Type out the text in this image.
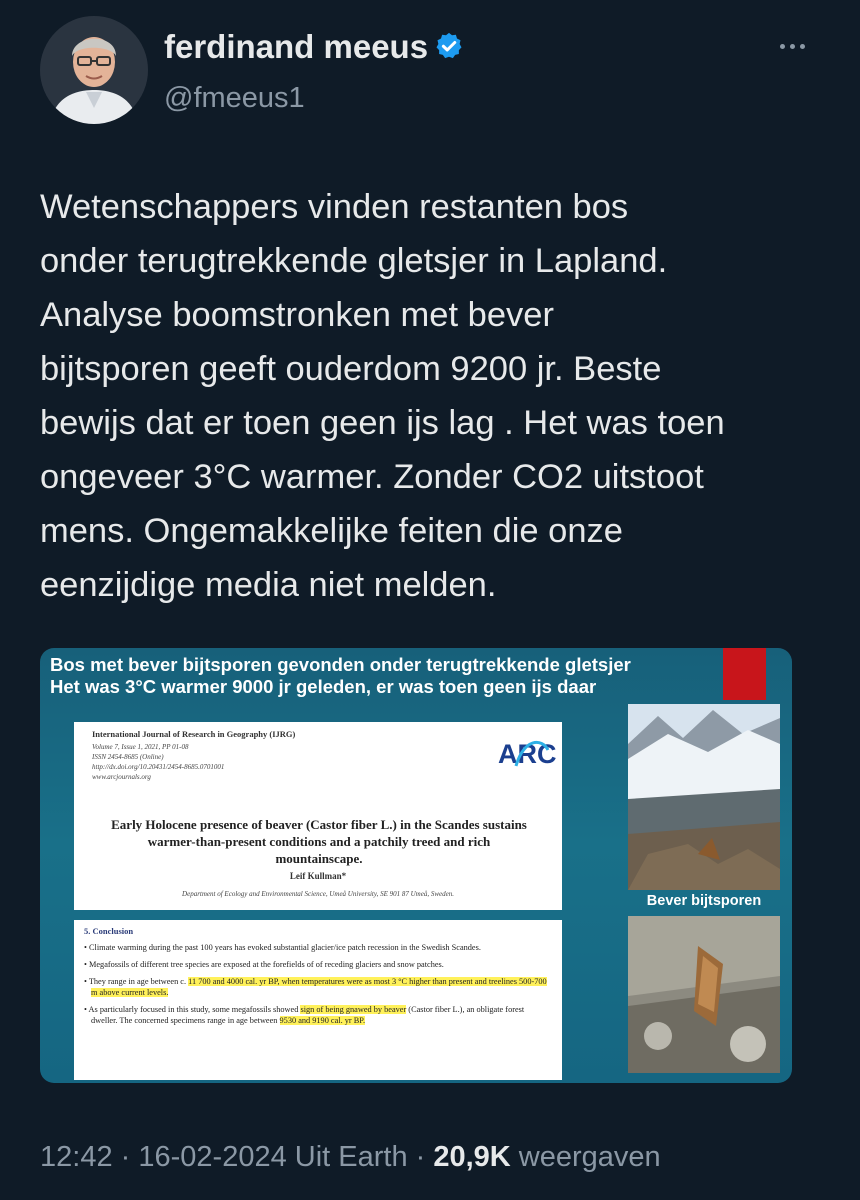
ferdinand meeus
@fmeeus1

Wetenschappers vinden restanten bos
onder terugtrekkende gletsjer in Lapland.
Analyse boomstronken met bever
bijtsporen geeft ouderdom 9200 jr. Beste
bewijs dat er toen geen ijs lag . Het was toen
ongeveer 3°C warmer. Zonder CO2 uitstoot
mens. Ongemakkelijke feiten die onze
eenzijdige media niet melden.

Bos met bever bijtsporen gevonden onder terugtrekkende gletsjer
Het was 3°C warmer 9000 jr geleden, er was toen geen ijs daar
International Journal of Research in Geography (IJRG)
Volume 7, Issue 1, 2021, PP 01-08
ISSN 2454-8685 (Online)
http://dx.doi.org/10.20431/2454-8685.0701001
www.arcjournals.org
ARC
Early Holocene presence of beaver (Castor fiber L.) in the Scandes sustains warmer-than-present conditions and a patchily treed and rich mountainscape.
Leif Kullman*
Department of Ecology and Environmental Science, Umeå University, SE 901 87 Umeå, Sweden.
5. Conclusion
• Climate warming during the past 100 years has evoked substantial glacier/ice patch recession in the Swedish Scandes.
• Megafossils of different tree species are exposed at the forefields of of receding glaciers and snow patches.
• They range in age between c. 11 700 and 4000 cal. yr BP, when temperatures were as most 3 °C higher than present and treelines 500-700 m above current levels.
• As particularly focused in this study, some megafossils showed sign of being gnawed by beaver (Castor fiber L.), an obligate forest dweller. The concerned specimens range in age between 9530 and 9190 cal. yr BP.
Bever bijtsporen
12:42 · 16-02-2024 Uit Earth · 20,9K weergaven
